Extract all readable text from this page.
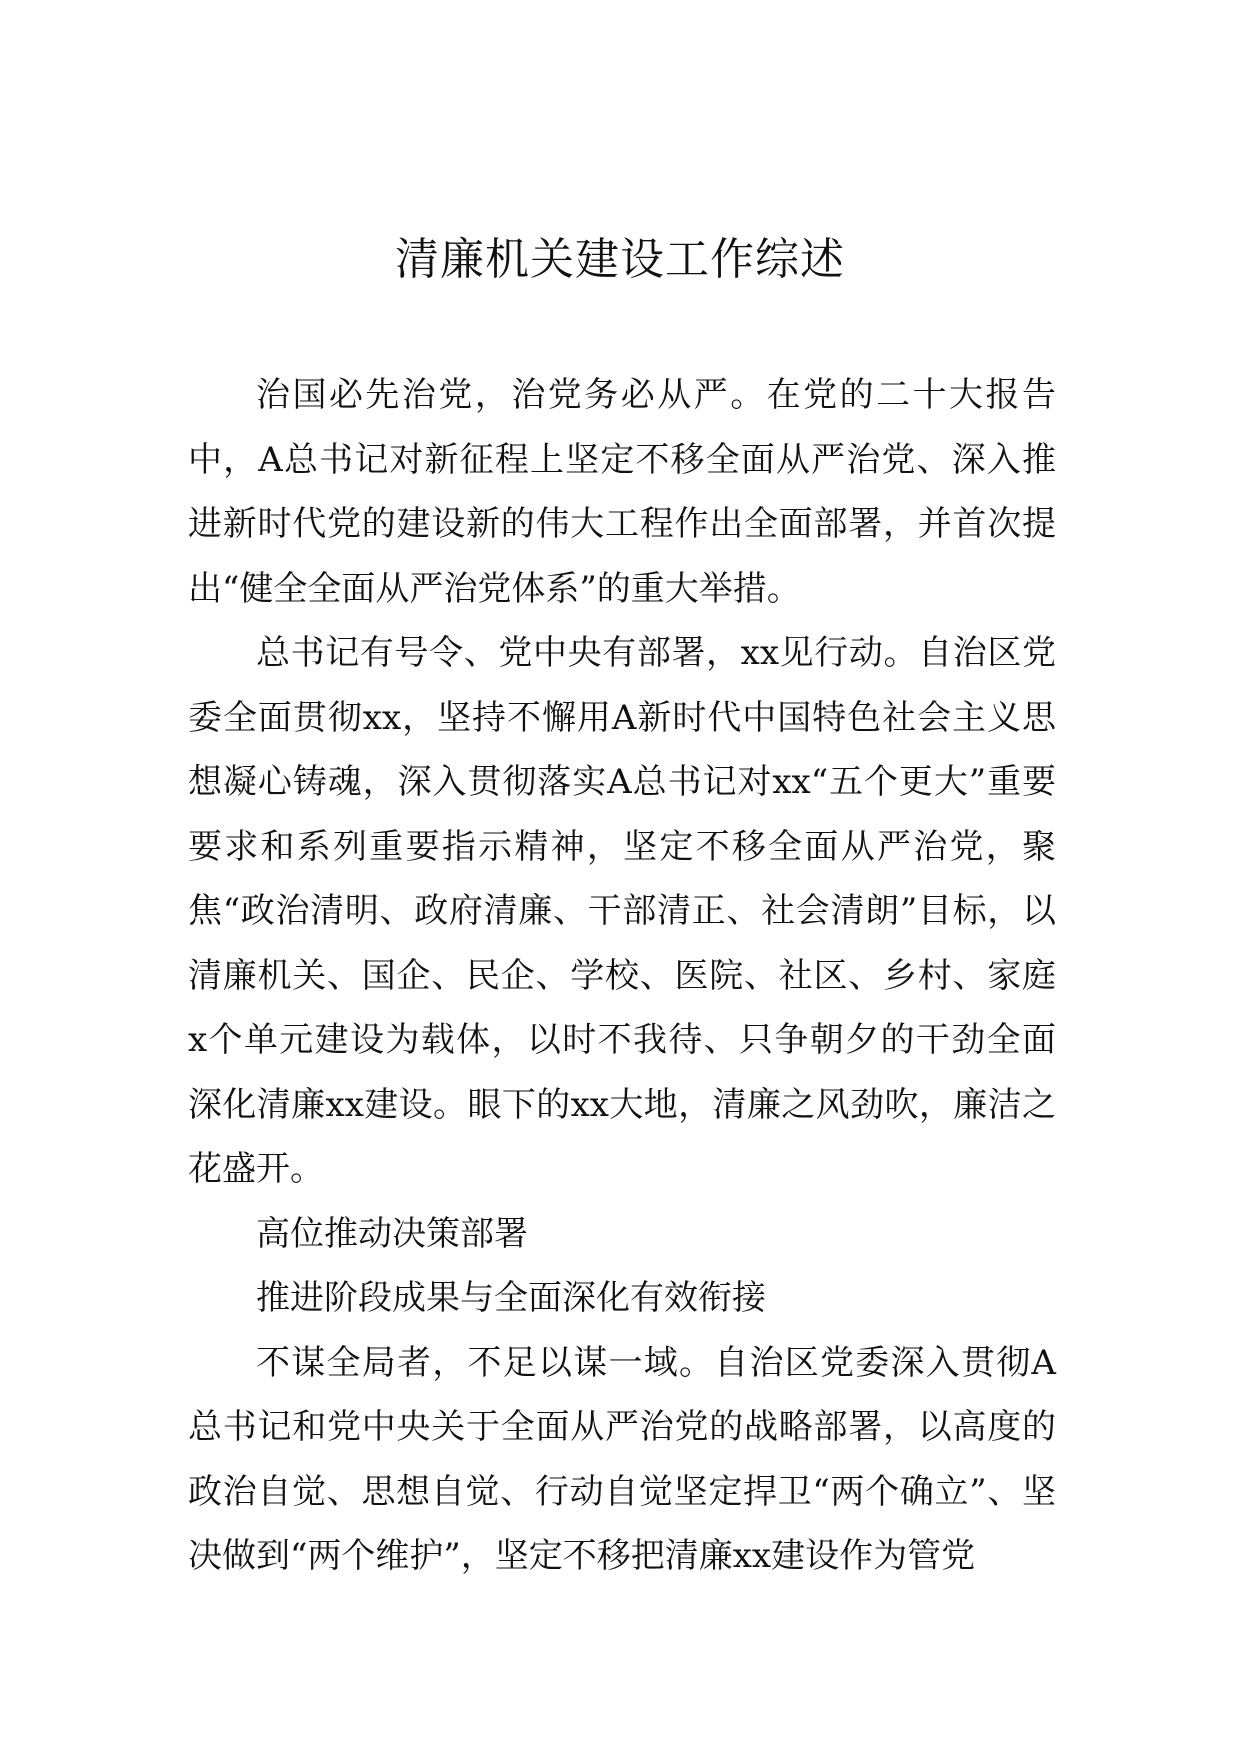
清廉机关建设工作综述

治国必先治党，治党务必从严。在党的二十大报告中，A总书记对新征程上坚定不移全面从严治党、深入推进新时代党的建设新的伟大工程作出全面部署，并首次提出“健全全面从严治党体系”的重大举措。

总书记有号令、党中央有部署，xx见行动。自治区党委全面贯彻xx，坚持不懈用A新时代中国特色社会主义思想凝心铸魂，深入贯彻落实A总书记对xx“五个更大”重要要求和系列重要指示精神，坚定不移全面从严治党，聚焦“政治清明、政府清廉、干部清正、社会清朗”目标，以清廉机关、国企、民企、学校、医院、社区、乡村、家庭x个单元建设为载体，以时不我待、只争朝夕的干劲全面深化清廉xx建设。眼下的xx大地，清廉之风劲吹，廉洁之花盛开。

高位推动决策部署

推进阶段成果与全面深化有效衔接

不谋全局者，不足以谋一域。自治区党委深入贯彻A总书记和党中央关于全面从严治党的战略部署，以高度的政治自觉、思想自觉、行动自觉坚定捍卫“两个确立”、坚决做到“两个维护”，坚定不移把清廉xx建设作为管党
